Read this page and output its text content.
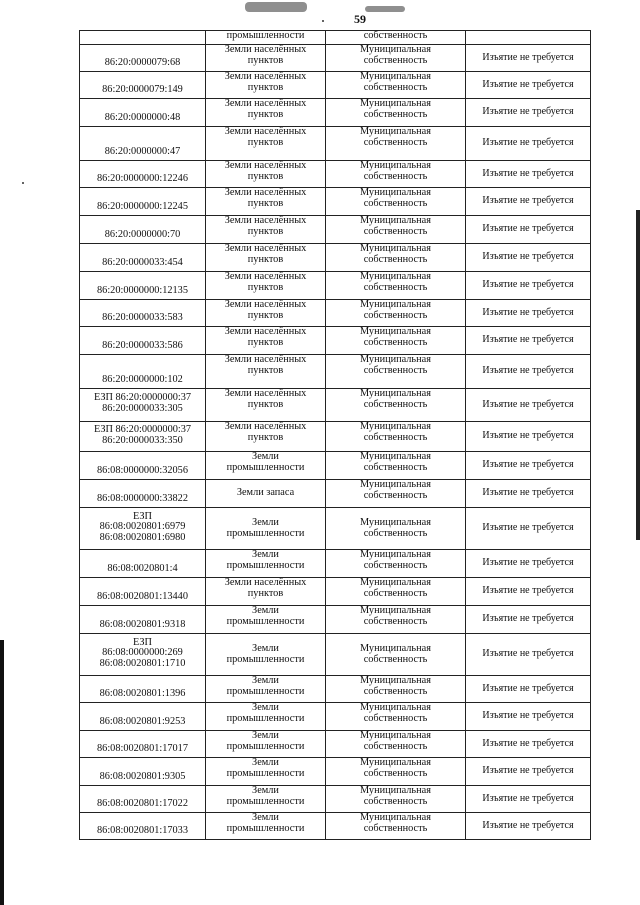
59

	промышленности	собственность	

86:20:0000079:68	Земли населённых
пунктов	Муниципальная
собственность	Изъятие не требуется

86:20:0000079:149	Земли населённых
пунктов	Муниципальная
собственность	Изъятие не требуется

86:20:0000000:48	Земли населённых
пунктов	Муниципальная
собственность	Изъятие не требуется

86:20:0000000:47	Земли населённых
пунктов	Муниципальная
собственность	Изъятие не требуется

86:20:0000000:12246	Земли населённых
пунктов	Муниципальная
собственность	Изъятие не требуется

86:20:0000000:12245	Земли населённых
пунктов	Муниципальная
собственность	Изъятие не требуется

86:20:0000000:70	Земли населённых
пунктов	Муниципальная
собственность	Изъятие не требуется

86:20:0000033:454	Земли населённых
пунктов	Муниципальная
собственность	Изъятие не требуется

86:20:0000000:12135	Земли населённых
пунктов	Муниципальная
собственность	Изъятие не требуется

86:20:0000033:583	Земли населённых
пунктов	Муниципальная
собственность	Изъятие не требуется

86:20:0000033:586	Земли населённых
пунктов	Муниципальная
собственность	Изъятие не требуется

86:20:0000000:102	Земли населённых
пунктов	Муниципальная
собственность	Изъятие не требуется

ЕЗП 86:20:0000000:37
86:20:0000033:305	Земли населённых
пунктов	Муниципальная
собственность	Изъятие не требуется

ЕЗП 86:20:0000000:37
86:20:0000033:350	Земли населённых
пунктов	Муниципальная
собственность	Изъятие не требуется

86:08:0000000:32056	Земли
промышленности	Муниципальная
собственность	Изъятие не требуется

86:08:0000000:33822	Земли запаса	Муниципальная
собственность	Изъятие не требуется

ЕЗП
86:08:0020801:6979
86:08:0020801:6980	Земли
промышленности	Муниципальная
собственность	Изъятие не требуется

86:08:0020801:4	Земли
промышленности	Муниципальная
собственность	Изъятие не требуется

86:08:0020801:13440	Земли населённых
пунктов	Муниципальная
собственность	Изъятие не требуется

86:08:0020801:9318	Земли
промышленности	Муниципальная
собственность	Изъятие не требуется

ЕЗП
86:08:0000000:269
86:08:0020801:1710	Земли
промышленности	Муниципальная
собственность	Изъятие не требуется

86:08:0020801:1396	Земли
промышленности	Муниципальная
собственность	Изъятие не требуется

86:08:0020801:9253	Земли
промышленности	Муниципальная
собственность	Изъятие не требуется

86:08:0020801:17017	Земли
промышленности	Муниципальная
собственность	Изъятие не требуется

86:08:0020801:9305	Земли
промышленности	Муниципальная
собственность	Изъятие не требуется

86:08:0020801:17022	Земли
промышленности	Муниципальная
собственность	Изъятие не требуется

86:08:0020801:17033	Земли
промышленности	Муниципальная
собственность	Изъятие не требуется
